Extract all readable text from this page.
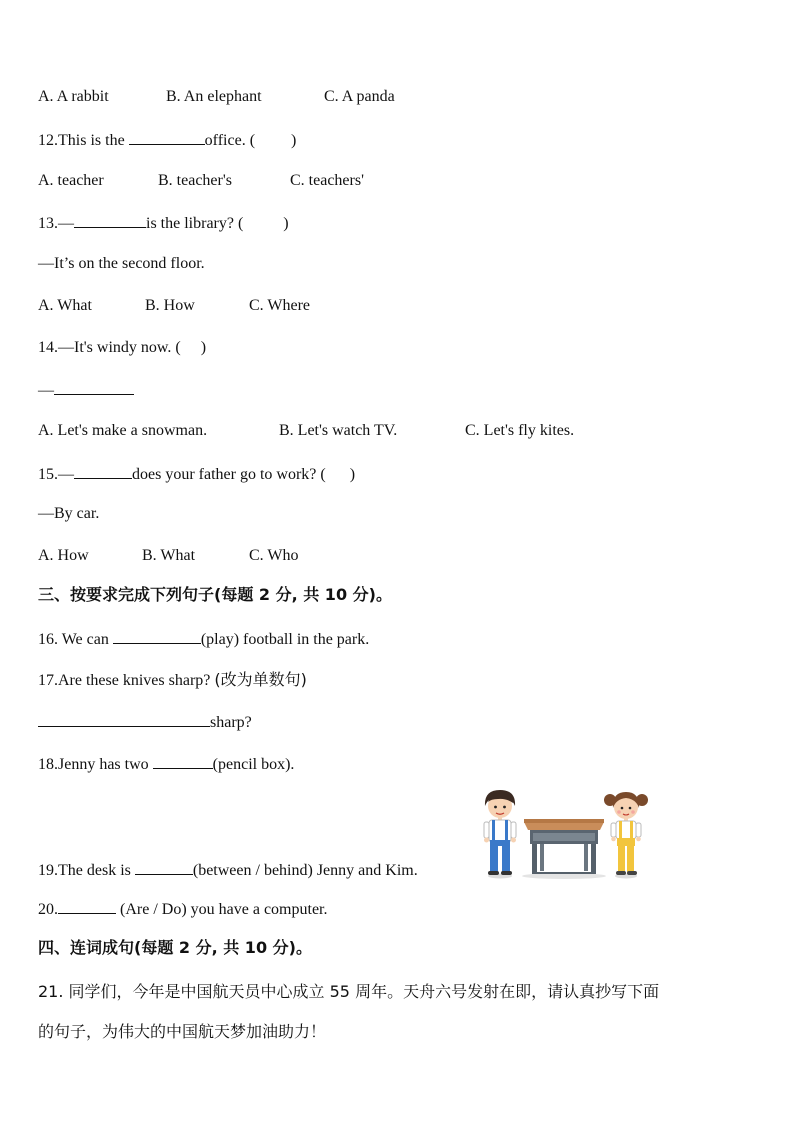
A. A rabbit	B. An elephant	C. A panda
12.This is the	office. ( )
A. teacher	B. teacher's	C. teachers'
13.—	is the library? (	)
—It’s on the second floor.
A. What	B. How	C. Where
14.—It's windy now. ( )
—
A. Let's make a snowman.	B. Let's watch TV.	C. Let's fly kites.
15.—	does your father go to work? ( )
—By car.
A. How	B. What	C. Who
三、按要求完成下列句子(每题 2 分, 共 10 分)。
16. We can	(play) football in the park.
17.Are these knives sharp? (改为单数句)
sharp?
18.Jenny has two	(pencil box).
19.The desk is	(between / behind) Jenny and Kim.
20.	(Are / Do) you have a computer.
四、连词成句(每题 2 分, 共 10 分)。
21. 同学们，今年是中国航天员中心成立 55 周年。天舟六号发射在即，请认真抄写下面
的句子，为伟大的中国航天梦加油助力！
